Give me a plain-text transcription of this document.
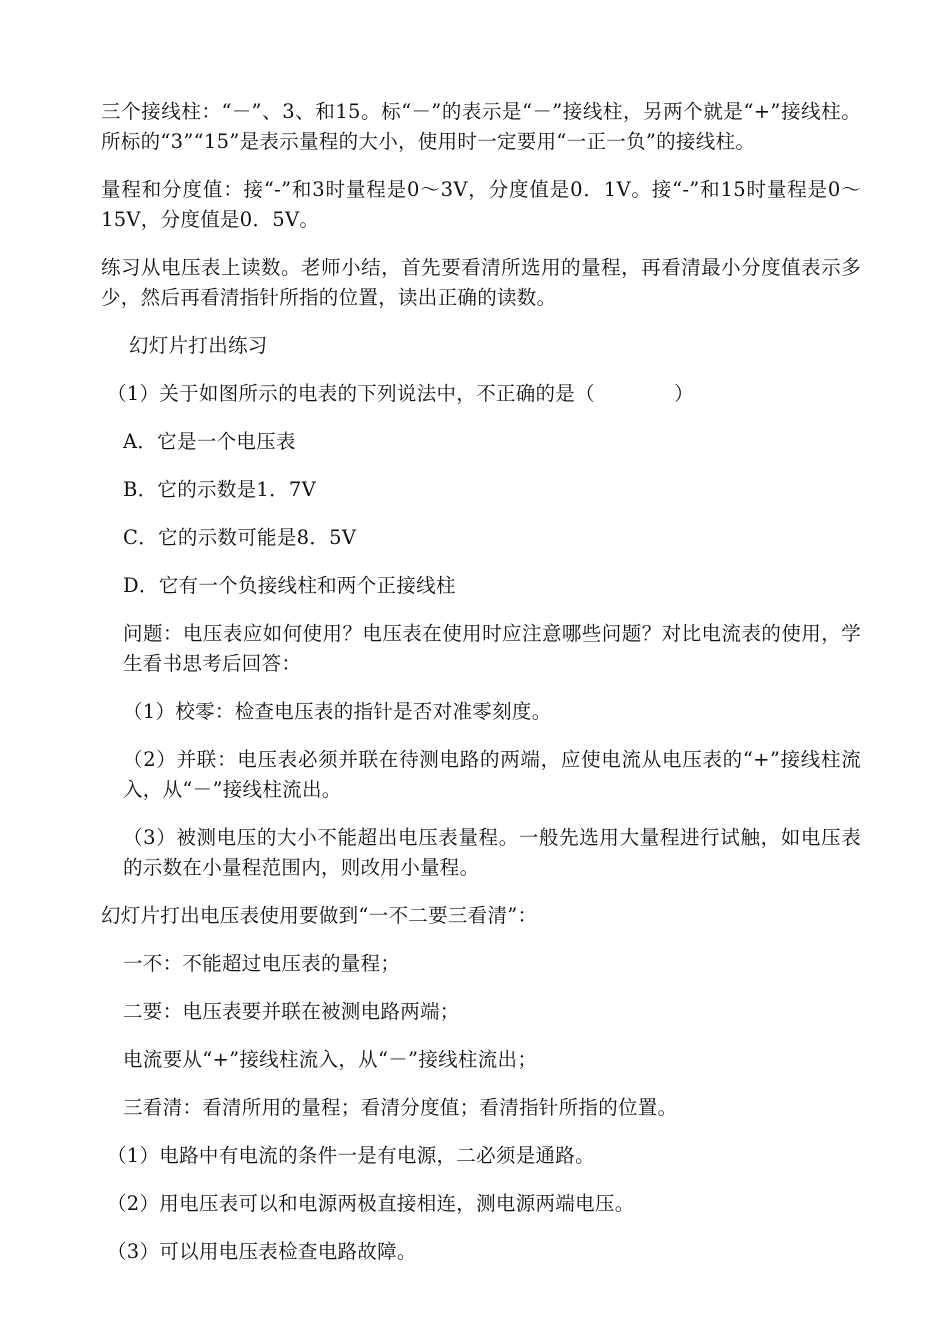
三个接线柱：“－”、3、和15。标“－”的表示是“－”接线柱，另两个就是“+”接线柱。所标的“3”“15”是表示量程的大小，使用时一定要用“一正一负”的接线柱。

量程和分度值：接“-”和3时量程是0～3V，分度值是0．1V。接“-”和15时量程是0～15V，分度值是0．5V。

练习从电压表上读数。老师小结，首先要看清所选用的量程，再看清最小分度值表示多少，然后再看清指针所指的位置，读出正确的读数。

幻灯片打出练习

（1）关于如图所示的电表的下列说法中，不正确的是（　　　　）

A．它是一个电压表

B．它的示数是1．7V

C．它的示数可能是8．5V

D．它有一个负接线柱和两个正接线柱

问题：电压表应如何使用？电压表在使用时应注意哪些问题？对比电流表的使用，学生看书思考后回答：

（1）校零：检查电压表的指针是否对准零刻度。

（2）并联：电压表必须并联在待测电路的两端，应使电流从电压表的“+”接线柱流入，从“－”接线柱流出。

（3）被测电压的大小不能超出电压表量程。一般先选用大量程进行试触，如电压表的示数在小量程范围内，则改用小量程。

幻灯片打出电压表使用要做到“一不二要三看清”：

一不：不能超过电压表的量程；

二要：电压表要并联在被测电路两端；

电流要从“+”接线柱流入，从“－”接线柱流出；

三看清：看清所用的量程；看清分度值；看清指针所指的位置。

（1）电路中有电流的条件一是有电源，二必须是通路。

（2）用电压表可以和电源两极直接相连，测电源两端电压。

（3）可以用电压表检查电路故障。
